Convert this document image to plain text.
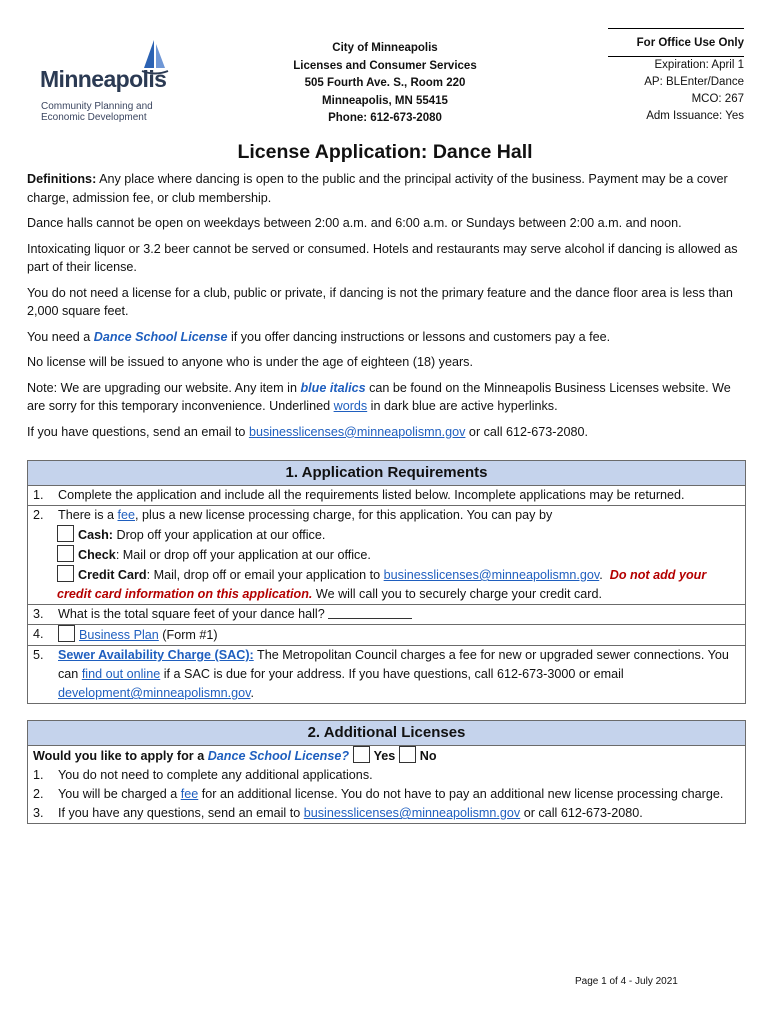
Minneapolis
Community Planning and
Economic Development
City of Minneapolis
Licenses and Consumer Services
505 Fourth Ave. S., Room 220
Minneapolis, MN 55415
Phone: 612-673-2080
For Office Use Only
Expiration: April 1
AP: BLEnter/Dance
MCO: 267
Adm Issuance: Yes
License Application: Dance Hall

Definitions: Any place where dancing is open to the public and the principal activity of the business. Payment may be a cover charge, admission fee, or club membership.

Dance halls cannot be open on weekdays between 2:00 a.m. and 6:00 a.m. or Sundays between 2:00 a.m. and noon.

Intoxicating liquor or 3.2 beer cannot be served or consumed. Hotels and restaurants may serve alcohol if dancing is allowed as part of their license.

You do not need a license for a club, public or private, if dancing is not the primary feature and the dance floor area is less than 2,000 square feet.

You need a Dance School License if you offer dancing instructions or lessons and customers pay a fee.

No license will be issued to anyone who is under the age of eighteen (18) years.

Note: We are upgrading our website. Any item in blue italics can be found on the Minneapolis Business Licenses website. We are sorry for this temporary inconvenience. Underlined words in dark blue are active hyperlinks.

If you have questions, send an email to businesslicenses@minneapolismn.gov or call 612-673-2080.

1. Application Requirements
1.	Complete the application and include all the requirements listed below. Incomplete applications may be returned.
2.	There is a fee, plus a new license processing charge, for this application. You can pay by
Cash: Drop off your application at our office.
Check: Mail or drop off your application at our office.
Credit Card: Mail, drop off or email your application to businesslicenses@minneapolismn.gov.  Do not add your credit card information on this application. We will call you to securely charge your credit card.
3.	What is the total square feet of your dance hall?
4.	Business Plan (Form #1)
5.	Sewer Availability Charge (SAC): The Metropolitan Council charges a fee for new or upgraded sewer connections. You can find out online if a SAC is due for your address. If you have questions, call 612-673-3000 or email development@minneapolismn.gov.
2. Additional Licenses
Would you like to apply for a Dance School License? Yes No
1.	You do not need to complete any additional applications.
2.	You will be charged a fee for an additional license. You do not have to pay an additional new license processing charge.
3.	If you have any questions, send an email to businesslicenses@minneapolismn.gov or call 612-673-2080.
Page 1 of 4 - July 2021
